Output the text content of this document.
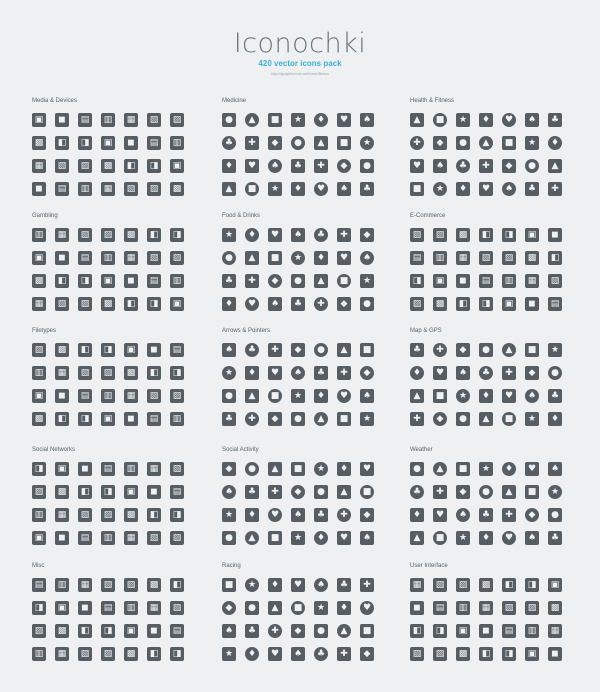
Iconochki
420 vector icons pack
http://graphicriver.net/user/Bravo
Media & Devices
▣	◼	▤	▥	▦	▧	▨
▩	◧	◨	▣	◼	▤	▥
▦	▧	▨	▩	◧	◨	▣
◼	▤	▥	▦	▧	▨	▩
Medicine
●	▲	■	★	♦	♥	♠
♣	✚	◆	●	▲	■	★
♦	♥	♠	♣	✚	◆	●
▲	■	★	♦	♥	♠	♣
Health & Fitness
▲	■	★	♦	♥	♠	♣
✚	◆	●	▲	■	★	♦
♥	♠	♣	✚	◆	●	▲
■	★	♦	♥	♠	♣	✚
Gambling
▥	▦	▧	▨	▩	◧	◨
▣	◼	▤	▥	▦	▧	▨
▩	◧	◨	▣	◼	▤	▥
▦	▧	▨	▩	◧	◨	▣
Food & Drinks
★	♦	♥	♠	♣	✚	◆
●	▲	■	★	♦	♥	♠
♣	✚	◆	●	▲	■	★
♦	♥	♠	♣	✚	◆	●
E-Commerce
▧	▨	▩	◧	◨	▣	◼
▤	▥	▦	▧	▨	▩	◧
◨	▣	◼	▤	▥	▦	▧
▨	▩	◧	◨	▣	◼	▤
Filetypes
▨	▩	◧	◨	▣	◼	▤
▥	▦	▧	▨	▩	◧	◨
▣	◼	▤	▥	▦	▧	▨
▩	◧	◨	▣	◼	▤	▥
Arrows & Pointers
♠	♣	✚	◆	●	▲	■
★	♦	♥	♠	♣	✚	◆
●	▲	■	★	♦	♥	♠
♣	✚	◆	●	▲	■	★
Map & GPS
♣	✚	◆	●	▲	■	★
♦	♥	♠	♣	✚	◆	●
▲	■	★	♦	♥	♠	♣
✚	◆	●	▲	■	★	♦
Social Networks
◨	▣	◼	▤	▥	▦	▧
▨	▩	◧	◨	▣	◼	▤
▥	▦	▧	▨	▩	◧	◨
▣	◼	▤	▥	▦	▧	▨
Social Activity
◆	●	▲	■	★	♦	♥
♠	♣	✚	◆	●	▲	■
★	♦	♥	♠	♣	✚	◆
●	▲	■	★	♦	♥	♠
Weather
●	▲	■	★	♦	♥	♠
♣	✚	◆	●	▲	■	★
♦	♥	♠	♣	✚	◆	●
▲	■	★	♦	♥	♠	♣
Misc
▤	▥	▦	▧	▨	▩	◧
◨	▣	◼	▤	▥	▦	▧
▨	▩	◧	◨	▣	◼	▤
▥	▦	▧	▨	▩	◧	◨
Racing
■	★	♦	♥	♠	♣	✚
◆	●	▲	■	★	♦	♥
♠	♣	✚	◆	●	▲	■
★	♦	♥	♠	♣	✚	◆
User Interface
▦	▧	▨	▩	◧	◨	▣
◼	▤	▥	▦	▧	▨	▩
◧	◨	▣	◼	▤	▥	▦
▧	▨	▩	◧	◨	▣	◼
